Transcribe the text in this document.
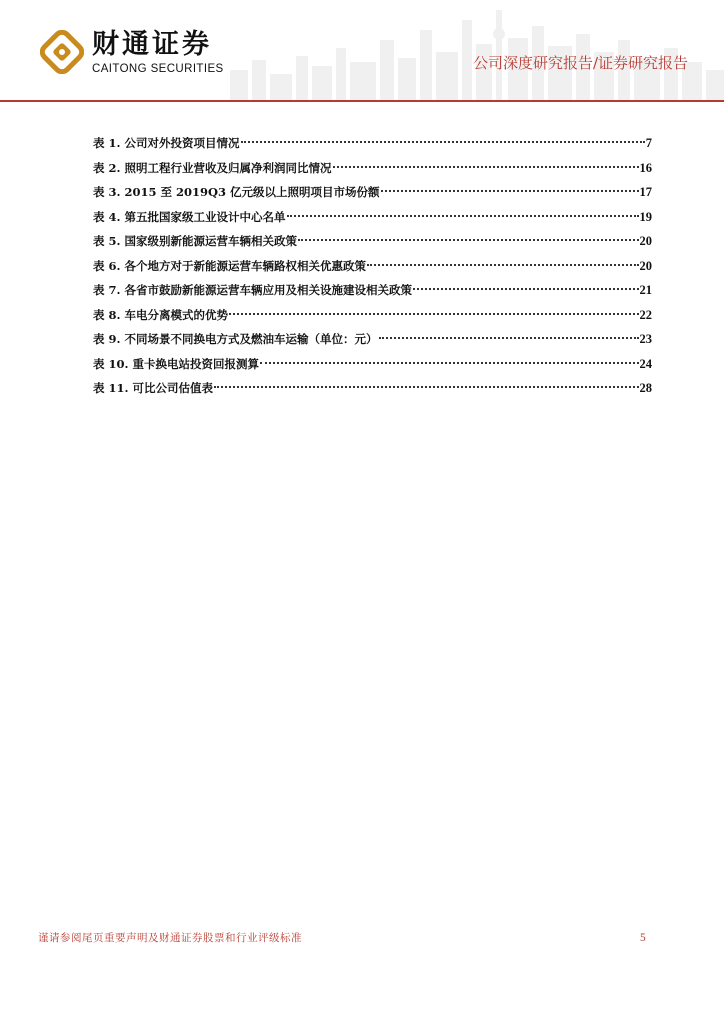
财通证券
CAITONG SECURITIES	公司深度研究报告/证券研究报告
表 1. 公司对外投资项目情况	7
表 2. 照明工程行业营收及归属净利润同比情况	16
表 3. 2015 至 2019Q3 亿元级以上照明项目市场份额	17
表 4. 第五批国家级工业设计中心名单	19
表 5. 国家级别新能源运营车辆相关政策	20
表 6. 各个地方对于新能源运营车辆路权相关优惠政策	20
表 7. 各省市鼓励新能源运营车辆应用及相关设施建设相关政策	21
表 8. 车电分离模式的优势	22
表 9. 不同场景不同换电方式及燃油车运输（单位：元）	23
表 10. 重卡换电站投资回报测算	24
表 11. 可比公司估值表	28
谨请参阅尾页重要声明及财通证券股票和行业评级标准	5
